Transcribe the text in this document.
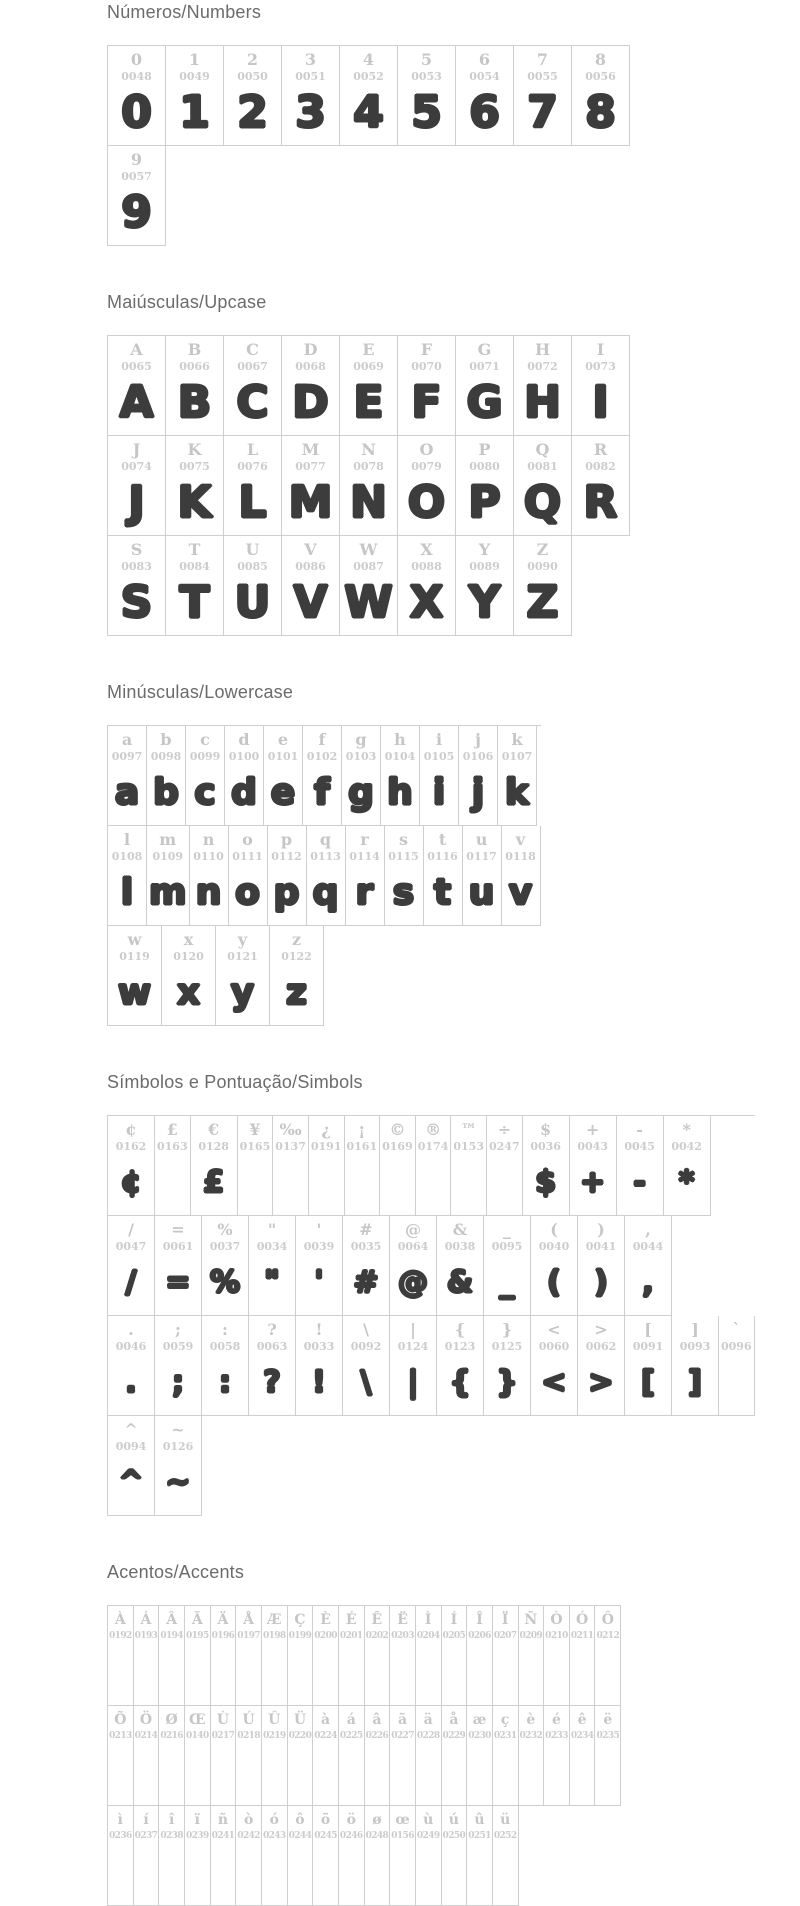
Números/Numbers
0
0048
0
1
0049
1
2
0050
2
3
0051
3
4
0052
4
5
0053
5
6
0054
6
7
0055
7
8
0056
8
9
0057
9
Maiúsculas/Upcase
A
0065
A
B
0066
B
C
0067
C
D
0068
D
E
0069
E
F
0070
F
G
0071
G
H
0072
H
I
0073
I
J
0074
J
K
0075
K
L
0076
L
M
0077
M
N
0078
N
O
0079
O
P
0080
P
Q
0081
Q
R
0082
R
S
0083
S
T
0084
T
U
0085
U
V
0086
V
W
0087
W
X
0088
X
Y
0089
Y
Z
0090
Z
Minúsculas/Lowercase
a
0097
a
b
0098
b
c
0099
c
d
0100
d
e
0101
e
f
0102
f
g
0103
g
h
0104
h
i
0105
i
j
0106
j
k
0107
k
l
0108
l
m
0109
m
n
0110
n
o
0111
o
p
0112
p
q
0113
q
r
0114
r
s
0115
s
t
0116
t
u
0117
u
v
0118
v
w
0119
w
x
0120
x
y
0121
y
z
0122
z
Símbolos e Pontuação/Simbols
¢
0162
¢
£
0163
€
0128
£
¥
0165
‰
0137
¿
0191
¡
0161
©
0169
®
0174
™
0153
÷
0247
$
0036
$
+
0043
+
-
0045
-
*
0042
*
/
0047
/
=
0061
=
%
0037
%
"
0034
"
'
0039
'
#
0035
#
@
0064
@
&
0038
&
_
0095
_
(
0040
(
)
0041
)
,
0044
,
.
0046
.
;
0059
;
:
0058
:
?
0063
?
!
0033
!
\
0092
\
|
0124
|
{
0123
{
}
0125
}
<
0060
<
>
0062
>
[
0091
[
]
0093
]
`
0096
^
0094
^
~
0126
~
Acentos/Accents
À
0192
Á
0193
Â
0194
Ã
0195
Ä
0196
Å
0197
Æ
0198
Ç
0199
È
0200
É
0201
Ê
0202
Ë
0203
Ì
0204
Í
0205
Î
0206
Ï
0207
Ñ
0209
Ò
0210
Ó
0211
Ô
0212
Õ
0213
Ö
0214
Ø
0216
Œ
0140
Ù
0217
Ú
0218
Û
0219
Ü
0220
à
0224
á
0225
â
0226
ã
0227
ä
0228
å
0229
æ
0230
ç
0231
è
0232
é
0233
ê
0234
ë
0235
ì
0236
í
0237
î
0238
ï
0239
ñ
0241
ò
0242
ó
0243
ô
0244
õ
0245
ö
0246
ø
0248
œ
0156
ù
0249
ú
0250
û
0251
ü
0252
